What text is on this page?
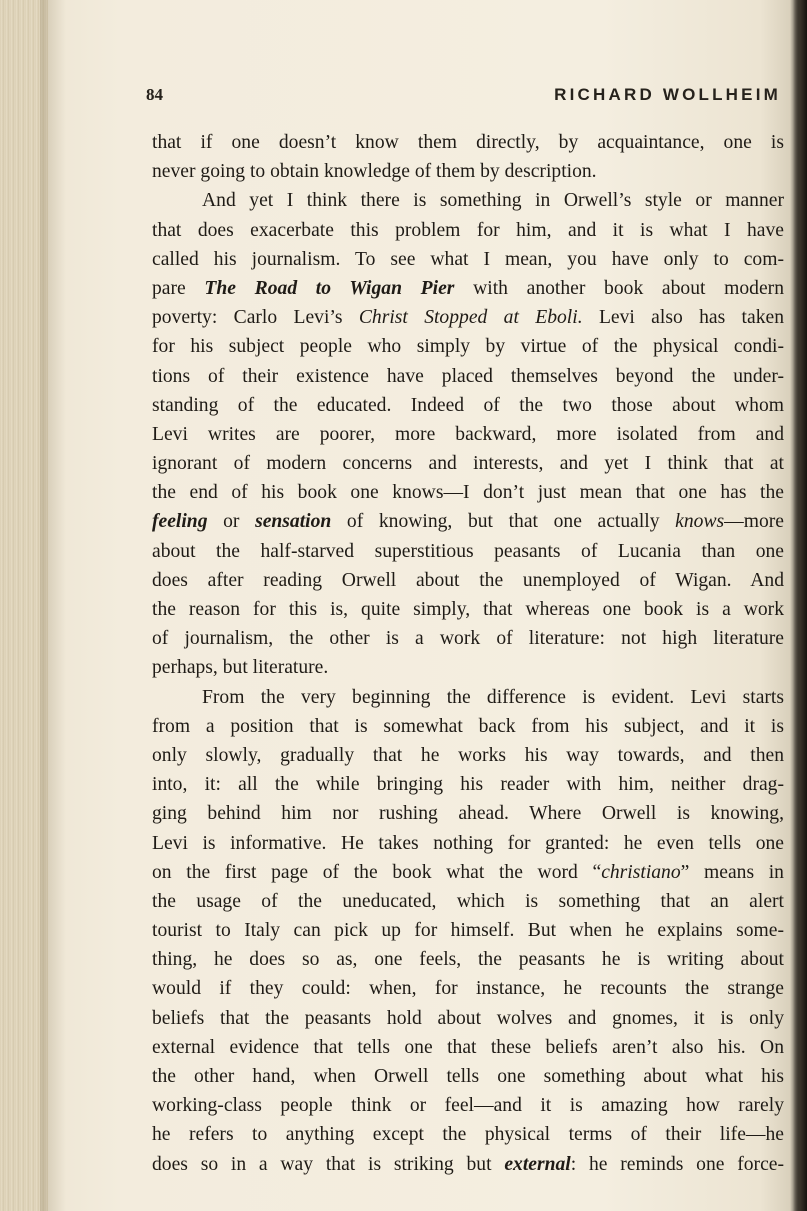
84	RICHARD WOLLHEIM
that if one doesn’t know them directly, by acquaintance, one is
never going to obtain knowledge of them by description.
And yet I think there is something in Orwell’s style or manner
that does exacerbate this problem for him, and it is what I have
called his journalism. To see what I mean, you have only to com-
pare The Road to Wigan Pier with another book about modern
poverty: Carlo Levi’s Christ Stopped at Eboli. Levi also has taken
for his subject people who simply by virtue of the physical condi-
tions of their existence have placed themselves beyond the under-
standing of the educated. Indeed of the two those about whom
Levi writes are poorer, more backward, more isolated from and
ignorant of modern concerns and interests, and yet I think that at
the end of his book one knows—I don’t just mean that one has the
feeling or sensation of knowing, but that one actually knows—more
about the half-starved superstitious peasants of Lucania than one
does after reading Orwell about the unemployed of Wigan. And
the reason for this is, quite simply, that whereas one book is a work
of journalism, the other is a work of literature: not high literature
perhaps, but literature.
From the very beginning the difference is evident. Levi starts
from a position that is somewhat back from his subject, and it is
only slowly, gradually that he works his way towards, and then
into, it: all the while bringing his reader with him, neither drag-
ging behind him nor rushing ahead. Where Orwell is knowing,
Levi is informative. He takes nothing for granted: he even tells one
on the first page of the book what the word “christiano” means in
the usage of the uneducated, which is something that an alert
tourist to Italy can pick up for himself. But when he explains some-
thing, he does so as, one feels, the peasants he is writing about
would if they could: when, for instance, he recounts the strange
beliefs that the peasants hold about wolves and gnomes, it is only
external evidence that tells one that these beliefs aren’t also his. On
the other hand, when Orwell tells one something about what his
working-class people think or feel—and it is amazing how rarely
he refers to anything except the physical terms of their life—he
does so in a way that is striking but external: he reminds one force-
